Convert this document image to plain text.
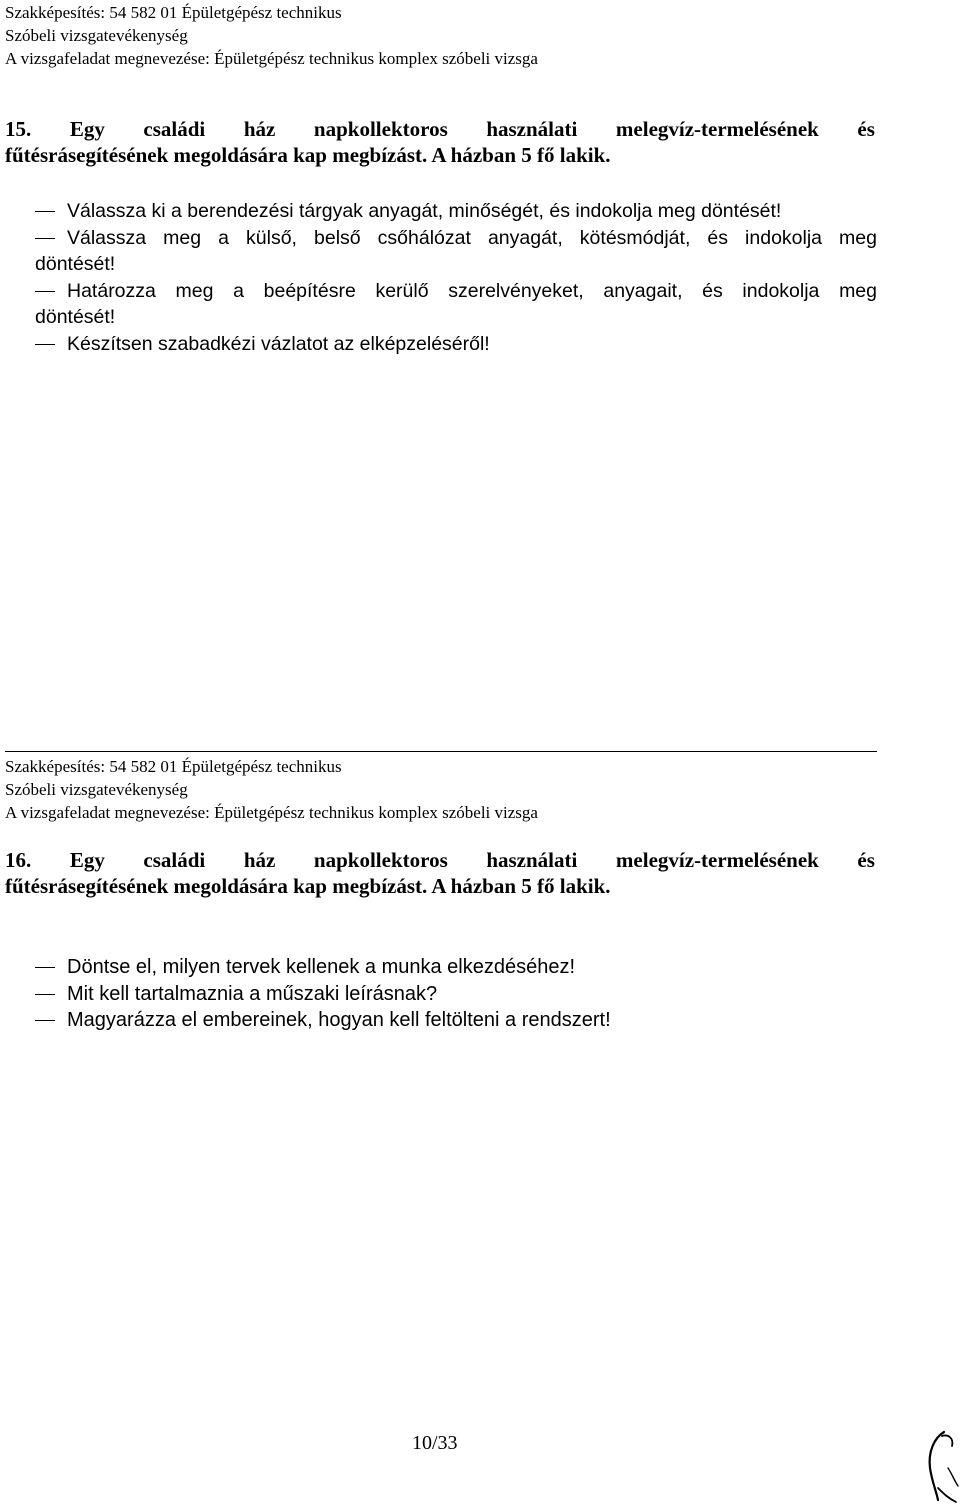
Szakképesítés: 54 582 01 Épületgépész technikus
Szóbeli vizsgatevékenység
A vizsgafeladat megnevezése: Épületgépész technikus komplex szóbeli vizsga
15. Egy családi ház napkollektoros használati melegvíz-termelésének és
fűtésrásegítésének megoldására kap megbízást. A házban 5 fő lakik.
Válassza ki a berendezési tárgyak anyagát, minőségét, és indokolja meg döntését!
Válassza meg a külső, belső csőhálózat anyagát, kötésmódját, és indokolja meg
döntését!
Határozza meg a beépítésre kerülő szerelvényeket, anyagait, és indokolja meg
döntését!
Készítsen szabadkézi vázlatot az elképzeléséről!
Szakképesítés: 54 582 01 Épületgépész technikus
Szóbeli vizsgatevékenység
A vizsgafeladat megnevezése: Épületgépész technikus komplex szóbeli vizsga
16. Egy családi ház napkollektoros használati melegvíz-termelésének és
fűtésrásegítésének megoldására kap megbízást. A házban 5 fő lakik.
Döntse el, milyen tervek kellenek a munka elkezdéséhez!
Mit kell tartalmaznia a műszaki leírásnak?
Magyarázza el embereinek, hogyan kell feltölteni a rendszert!
10/33
